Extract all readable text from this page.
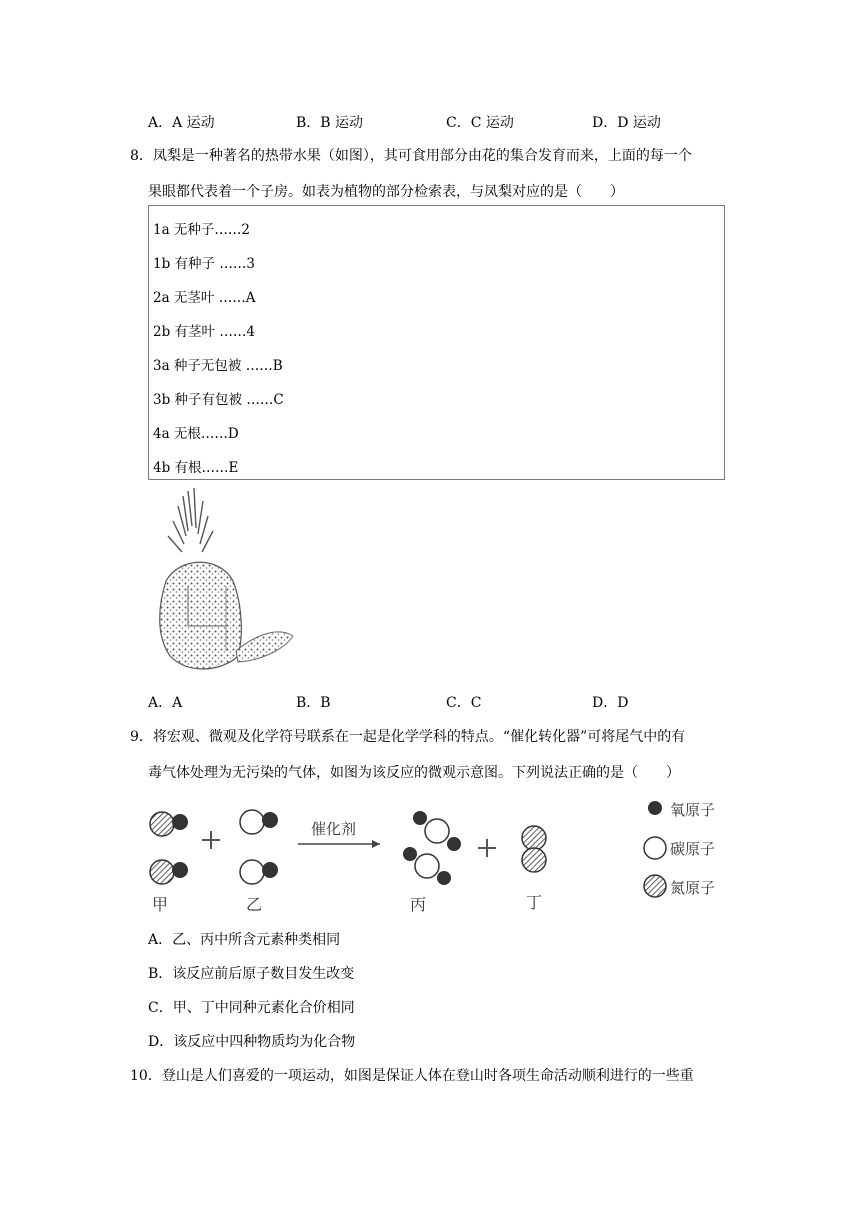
A．A 运动	B．B 运动	C．C 运动	D．D 运动
8．凤梨是一种著名的热带水果（如图），其可食用部分由花的集合发育而来，上面的每一个
果眼都代表着一个子房。如表为植物的部分检索表，与凤梨对应的是（　　）
1a 无种子……2
1b 有种子 ……3
2a 无茎叶 ……A
2b 有茎叶 ……4
3a 种子无包被 ……B
3b 种子有包被 ……C
4a 无根……D
4b 有根……E
A．A	B．B	C．C	D．D
9．将宏观、微观及化学符号联系在一起是化学学科的特点。“催化转化器”可将尾气中的有
毒气体处理为无污染的气体，如图为该反应的微观示意图。下列说法正确的是（　　）
催化剂
甲	乙	丙	丁
氧原子
碳原子
氮原子
A．乙、丙中所含元素种类相同
B．该反应前后原子数目发生改变
C．甲、丁中同种元素化合价相同
D．该反应中四种物质均为化合物
10．登山是人们喜爱的一项运动，如图是保证人体在登山时各项生命活动顺利进行的一些重
